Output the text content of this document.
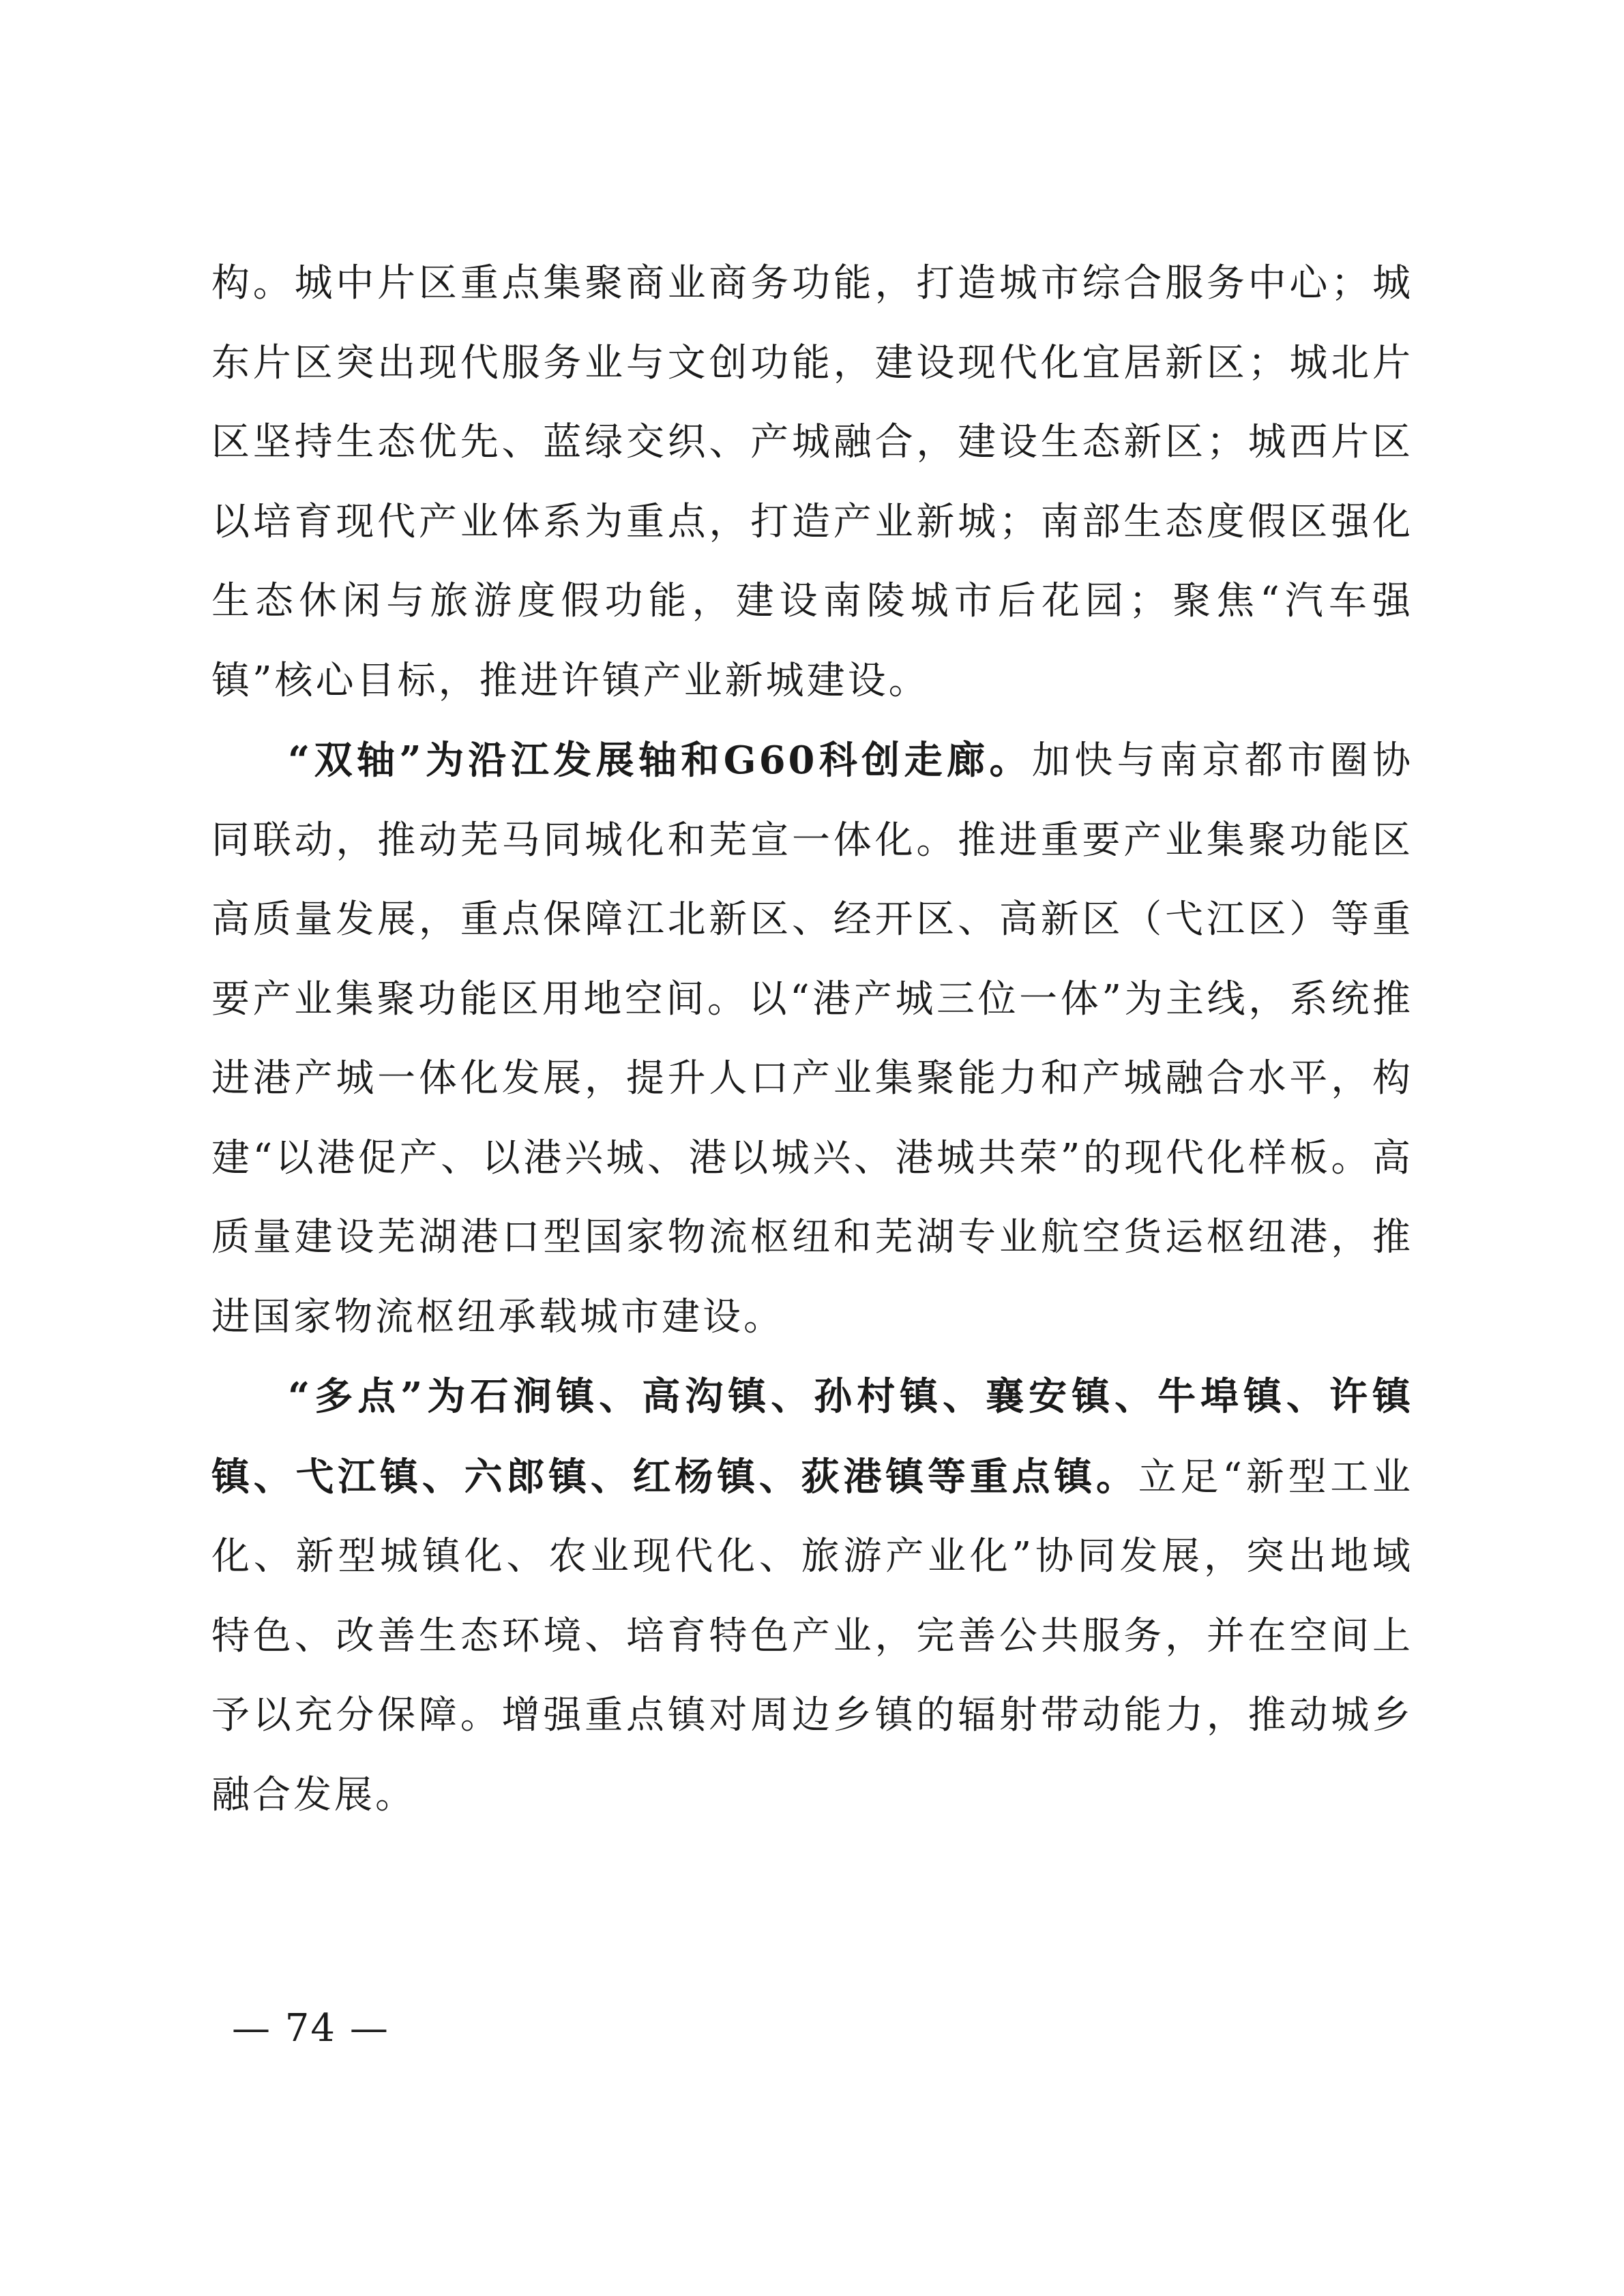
构。城中片区重点集聚商业商务功能，打造城市综合服务中心；城东片区突出现代服务业与文创功能，建设现代化宜居新区；城北片区坚持生态优先、蓝绿交织、产城融合，建设生态新区；城西片区以培育现代产业体系为重点，打造产业新城；南部生态度假区强化生态休闲与旅游度假功能，建设南陵城市后花园；聚焦“汽车强镇”核心目标，推进许镇产业新城建设。

“双轴”为沿江发展轴和G60科创走廊。加快与南京都市圈协同联动，推动芜马同城化和芜宣一体化。推进重要产业集聚功能区高质量发展，重点保障江北新区、经开区、高新区（弋江区）等重要产业集聚功能区用地空间。以“港产城三位一体”为主线，系统推进港产城一体化发展，提升人口产业集聚能力和产城融合水平，构建“以港促产、以港兴城、港以城兴、港城共荣”的现代化样板。高质量建设芜湖港口型国家物流枢纽和芜湖专业航空货运枢纽港，推进国家物流枢纽承载城市建设。

“多点”为石涧镇、高沟镇、孙村镇、襄安镇、牛埠镇、许镇镇、弋江镇、六郎镇、红杨镇、荻港镇等重点镇。立足“新型工业化、新型城镇化、农业现代化、旅游产业化”协同发展，突出地域特色、改善生态环境、培育特色产业，完善公共服务，并在空间上予以充分保障。增强重点镇对周边乡镇的辐射带动能力，推动城乡融合发展。

— 74 —
